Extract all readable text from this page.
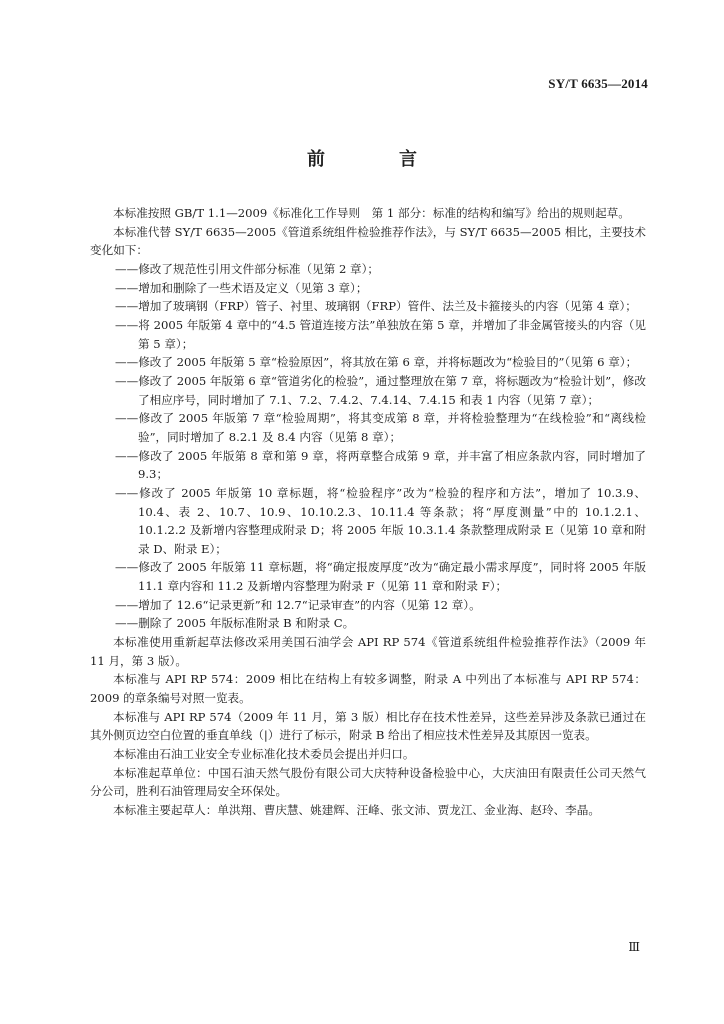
SY/T 6635—2014
前　言

本标准按照 GB/T 1.1—2009《标准化工作导则　第 1 部分：标准的结构和编写》给出的规则起草。

本标准代替 SY/T 6635—2005《管道系统组件检验推荐作法》，与 SY/T 6635—2005 相比，主要技术变化如下：

——修改了规范性引用文件部分标准（见第 2 章）；

——增加和删除了一些术语及定义（见第 3 章）；

——增加了玻璃钢（FRP）管子、衬里、玻璃钢（FRP）管件、法兰及卡箍接头的内容（见第 4 章）；

——将 2005 年版第 4 章中的“4.5 管道连接方法”单独放在第 5 章，并增加了非金属管接头的内容（见第 5 章）；

——修改了 2005 年版第 5 章“检验原因”，将其放在第 6 章，并将标题改为“检验目的”（见第 6 章）；

——修改了 2005 年版第 6 章“管道劣化的检验”，通过整理放在第 7 章，将标题改为“检验计划”，修改了相应序号，同时增加了 7.1、7.2、7.4.2、7.4.14、7.4.15 和表 1 内容（见第 7 章）；

——修改了 2005 年版第 7 章“检验周期”，将其变成第 8 章，并将检验整理为“在线检验”和“离线检验”，同时增加了 8.2.1 及 8.4 内容（见第 8 章）；

——修改了 2005 年版第 8 章和第 9 章，将两章整合成第 9 章，并丰富了相应条款内容，同时增加了 9.3；

——修改了 2005 年版第 10 章标题，将“检验程序”改为“检验的程序和方法”，增加了 10.3.9、10.4、表 2、10.7、10.9、10.10.2.3、10.11.4 等条款；将“厚度测量”中的 10.1.2.1、10.1.2.2 及新增内容整理成附录 D；将 2005 年版 10.3.1.4 条款整理成附录 E（见第 10 章和附录 D、附录 E）；

——修改了 2005 年版第 11 章标题，将“确定报废厚度”改为“确定最小需求厚度”，同时将 2005 年版 11.1 章内容和 11.2 及新增内容整理为附录 F（见第 11 章和附录 F）；

——增加了 12.6“记录更新”和 12.7“记录审查”的内容（见第 12 章）。

——删除了 2005 年版标准附录 B 和附录 C。

本标准使用重新起草法修改采用美国石油学会 API RP 574《管道系统组件检验推荐作法》（2009 年 11 月，第 3 版）。

本标准与 API RP 574：2009 相比在结构上有较多调整，附录 A 中列出了本标准与 API RP 574：2009 的章条编号对照一览表。

本标准与 API RP 574（2009 年 11 月，第 3 版）相比存在技术性差异，这些差异涉及条款已通过在其外侧页边空白位置的垂直单线（|）进行了标示，附录 B 给出了相应技术性差异及其原因一览表。

本标准由石油工业安全专业标准化技术委员会提出并归口。

本标准起草单位：中国石油天然气股份有限公司大庆特种设备检验中心，大庆油田有限责任公司天然气分公司，胜利石油管理局安全环保处。

本标准主要起草人：单洪翔、曹庆慧、姚建辉、汪峰、张文沛、贾龙江、金业海、赵玲、李晶。

Ⅲ
